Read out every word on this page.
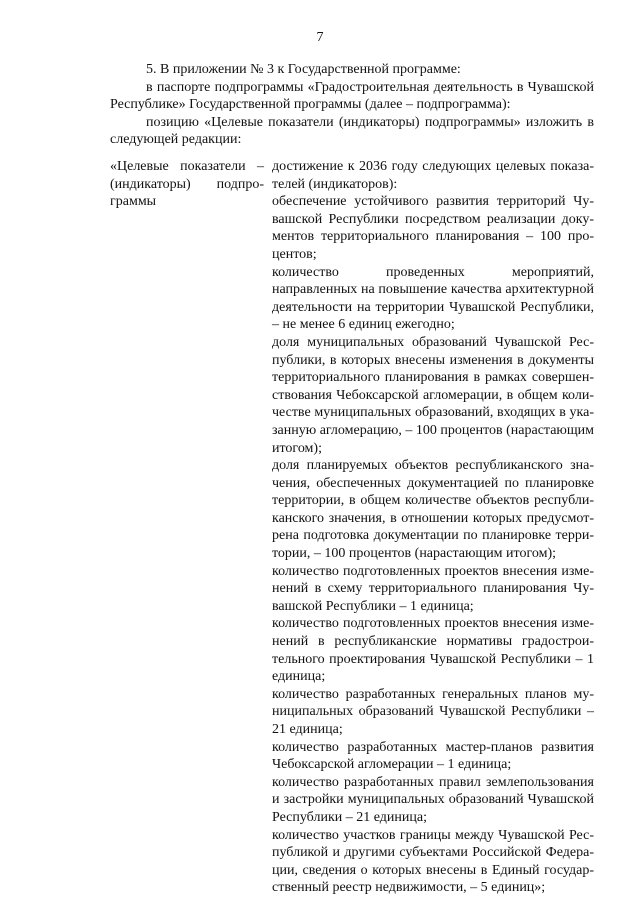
7

5. В приложении № 3 к Государственной программе:

в паспорте подпрограммы «Градостроительная деятельность в Чувашской Республике» Государственной программы (далее – подпрограмма):

позицию «Целевые показатели (индикаторы) подпрограммы» изложить в следующей редакции:

«Целевые показатели – (индикаторы) подпро-граммы

достижение к 2036 году следующих целевых показа-телей (индикаторов):

обеспечение устойчивого развития территорий Чу-вашской Республики посредством реализации доку-ментов территориального планирования – 100 про-центов;

количество проведенных мероприятий, направленных на повышение качества архитектурной деятельности на территории Чувашской Республики, – не менее 6 единиц ежегодно;

доля муниципальных образований Чувашской Рес-публики, в которых внесены изменения в документы территориального планирования в рамках совершен-ствования Чебоксарской агломерации, в общем коли-честве муниципальных образований, входящих в ука-занную агломерацию, – 100 процентов (нарастающим итогом);

доля планируемых объектов республиканского зна-чения, обеспеченных документацией по планировке территории, в общем количестве объектов республи-канского значения, в отношении которых предусмот-рена подготовка документации по планировке терри-тории, – 100 процентов (нарастающим итогом);

количество подготовленных проектов внесения изме-нений в схему территориального планирования Чу-вашской Республики – 1 единица;

количество подготовленных проектов внесения изме-нений в республиканские нормативы градострои-тельного проектирования Чувашской Республики – 1 единица;

количество разработанных генеральных планов му-ниципальных образований Чувашской Республики – 21 единица;

количество разработанных мастер-планов развития Чебоксарской агломерации – 1 единица;

количество разработанных правил землепользования и застройки муниципальных образований Чувашской Республики – 21 единица;

количество участков границы между Чувашской Рес-публикой и другими субъектами Российской Федера-ции, сведения о которых внесены в Единый государ-ственный реестр недвижимости, – 5 единиц»;
